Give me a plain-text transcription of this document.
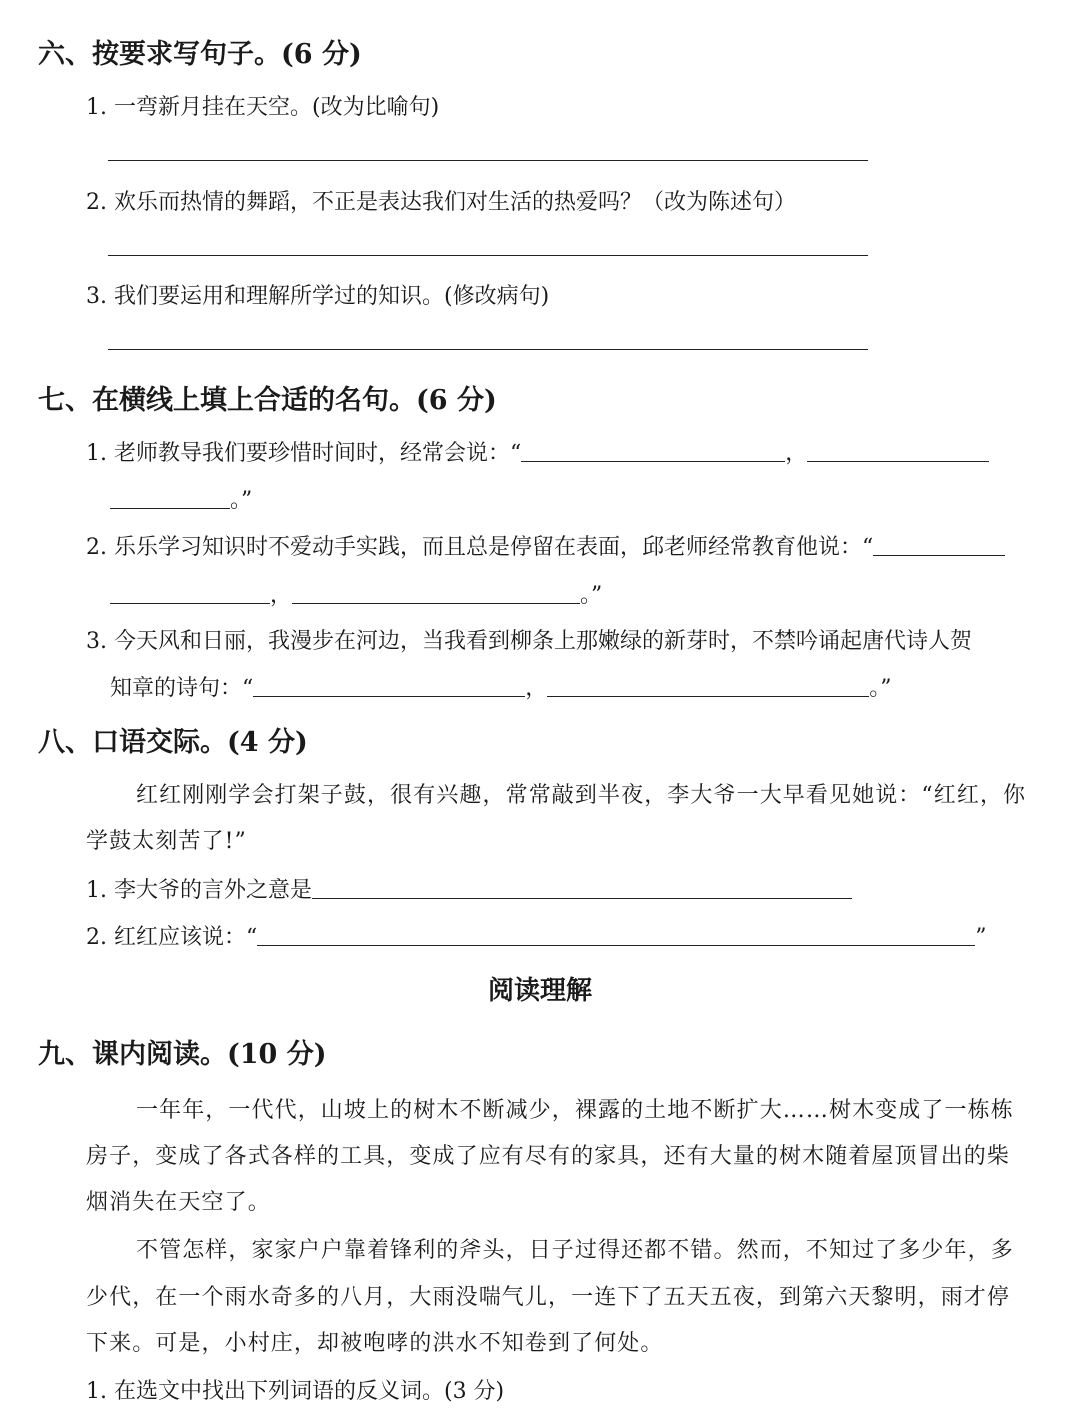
六、按要求写句子。(6 分)
1. 一弯新月挂在天空。(改为比喻句)
2. 欢乐而热情的舞蹈，不正是表达我们对生活的热爱吗？（改为陈述句）
3. 我们要运用和理解所学过的知识。(修改病句)
七、在横线上填上合适的名句。(6 分)
1. 老师教导我们要珍惜时间时，经常会说：“	，
。”
2. 乐乐学习知识时不爱动手实践，而且总是停留在表面，邱老师经常教育他说：“
，	。”
3. 今天风和日丽，我漫步在河边，当我看到柳条上那嫩绿的新芽时，不禁吟诵起唐代诗人贺
知章的诗句：“	，	。”
八、口语交际。(4 分)
红红刚刚学会打架子鼓，很有兴趣，常常敲到半夜，李大爷一大早看见她说：“红红，你
学鼓太刻苦了!”
1. 李大爷的言外之意是
2. 红红应该说：“	”
阅读理解
九、课内阅读。(10 分)
一年年，一代代，山坡上的树木不断减少，裸露的土地不断扩大……树木变成了一栋栋
房子，变成了各式各样的工具，变成了应有尽有的家具，还有大量的树木随着屋顶冒出的柴
烟消失在天空了。
不管怎样，家家户户靠着锋利的斧头，日子过得还都不错。然而，不知过了多少年，多
少代，在一个雨水奇多的八月，大雨没喘气儿，一连下了五天五夜，到第六天黎明，雨才停
下来。可是，小村庄，却被咆哮的洪水不知卷到了何处。
1. 在选文中找出下列词语的反义词。(3 分)
